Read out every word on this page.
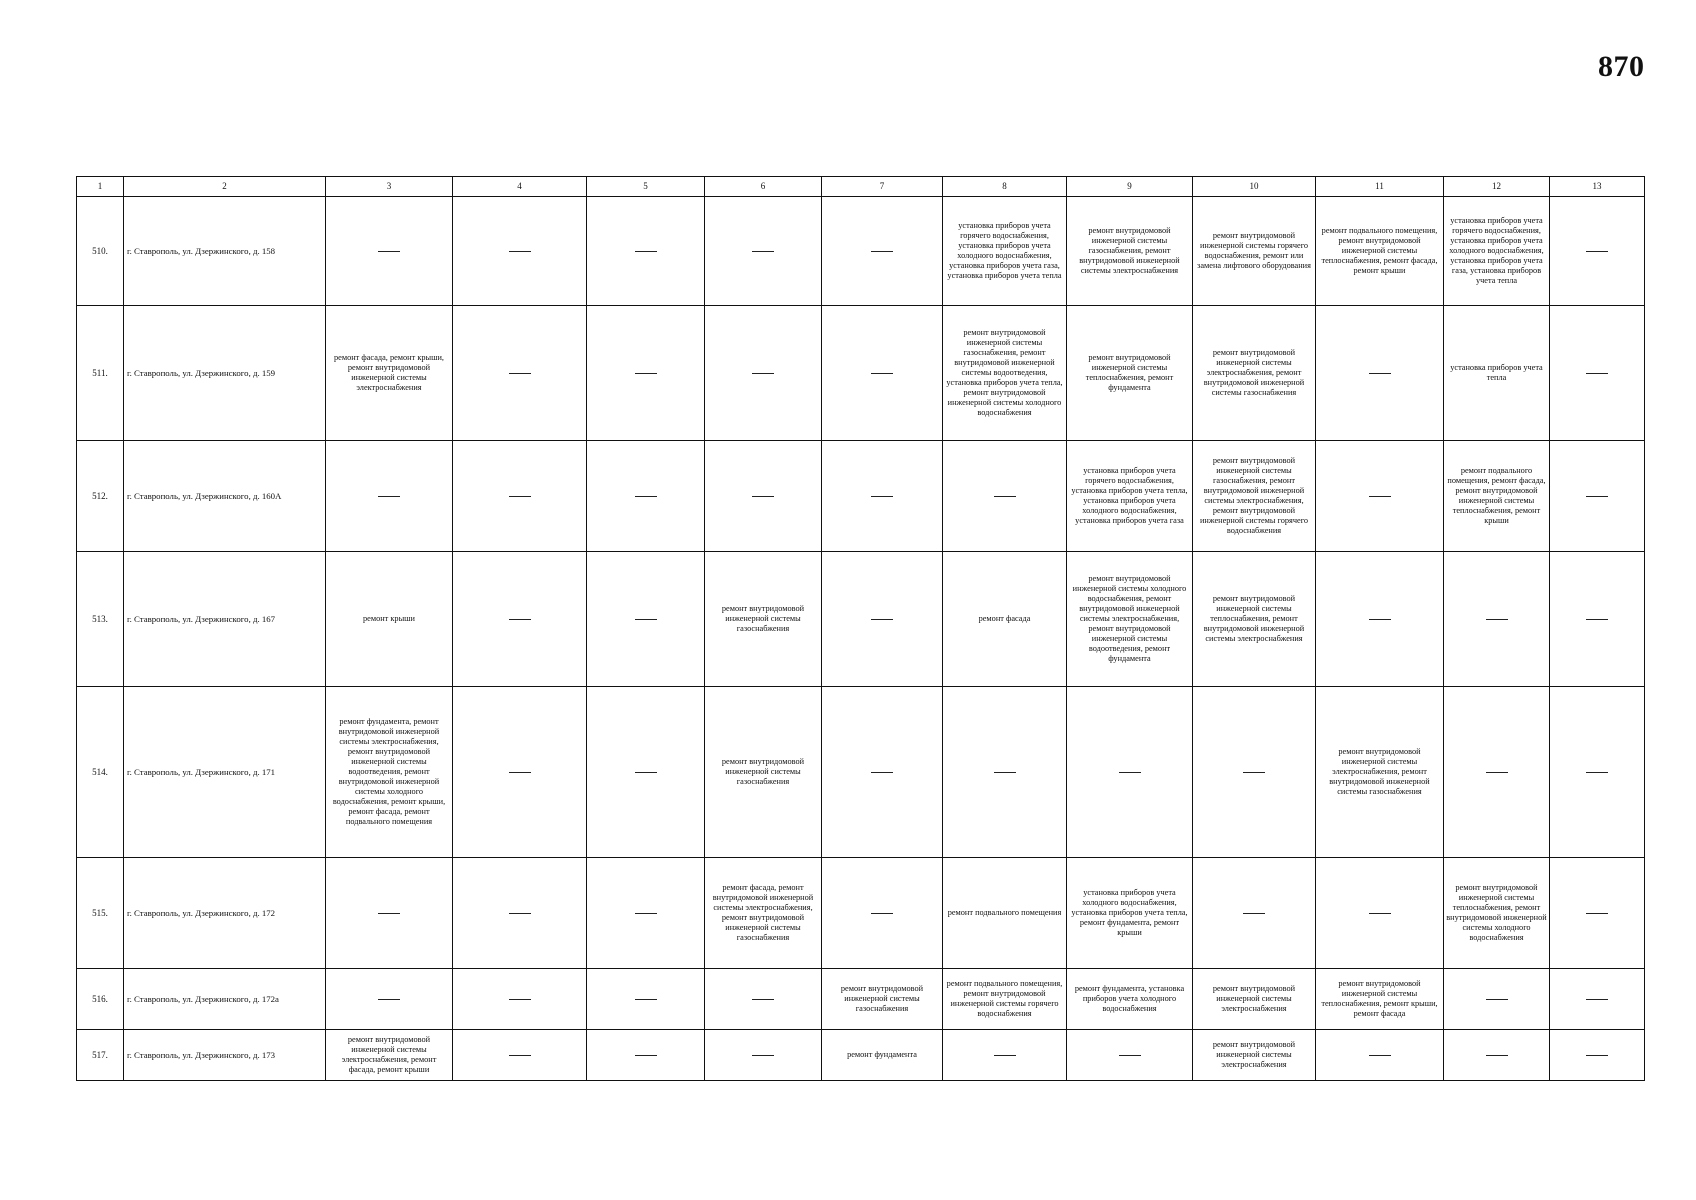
870
1	2	3	4	5	6	7	8	9	10	11	12	13
510.	г. Ставрополь, ул. Дзержинского, д. 158						установка приборов учета горячего водоснабжения, установка приборов учета холодного водоснабжения, установка приборов учета газа, установка приборов учета тепла	ремонт внутридомовой инженерной системы газоснабжения, ремонт внутридомовой инженерной системы электроснабжения	ремонт внутридомовой инженерной системы горячего водоснабжения, ремонт или замена лифтового оборудования	ремонт подвального помещения, ремонт внутридомовой инженерной системы теплоснабжения, ремонт фасада, ремонт крыши	установка приборов учета горячего водоснабжения, установка приборов учета холодного водоснабжения, установка приборов учета газа, установка приборов учета тепла	
511.	г. Ставрополь, ул. Дзержинского, д. 159	ремонт фасада, ремонт крыши, ремонт внутридомовой инженерной системы электроснабжения					ремонт внутридомовой инженерной системы газоснабжения, ремонт внутридомовой инженерной системы водоотведения, установка приборов учета тепла, ремонт внутридомовой инженерной системы холодного водоснабжения	ремонт внутридомовой инженерной системы теплоснабжения, ремонт фундамента	ремонт внутридомовой инженерной системы электроснабжения, ремонт внутридомовой инженерной системы газоснабжения		установка приборов учета тепла	
512.	г. Ставрополь, ул. Дзержинского, д. 160А							установка приборов учета горячего водоснабжения, установка приборов учета тепла, установка приборов учета холодного водоснабжения, установка приборов учета газа	ремонт внутридомовой инженерной системы газоснабжения, ремонт внутридомовой инженерной системы электроснабжения, ремонт внутридомовой инженерной системы горячего водоснабжения		ремонт подвального помещения, ремонт фасада, ремонт внутридомовой инженерной системы теплоснабжения, ремонт крыши	
513.	г. Ставрополь, ул. Дзержинского, д. 167	ремонт крыши			ремонт внутридомовой инженерной системы газоснабжения		ремонт фасада	ремонт внутридомовой инженерной системы холодного водоснабжения, ремонт внутридомовой инженерной системы электроснабжения, ремонт внутридомовой инженерной системы водоотведения, ремонт фундамента	ремонт внутридомовой инженерной системы теплоснабжения, ремонт внутридомовой инженерной системы электроснабжения			
514.	г. Ставрополь, ул. Дзержинского, д. 171	ремонт фундамента, ремонт внутридомовой инженерной системы электроснабжения, ремонт внутридомовой инженерной системы водоотведения, ремонт внутридомовой инженерной системы холодного водоснабжения, ремонт крыши, ремонт фасада, ремонт подвального помещения			ремонт внутридомовой инженерной системы газоснабжения					ремонт внутридомовой инженерной системы электроснабжения, ремонт внутридомовой инженерной системы газоснабжения		
515.	г. Ставрополь, ул. Дзержинского, д. 172				ремонт фасада, ремонт внутридомовой инженерной системы электроснабжения, ремонт внутридомовой инженерной системы газоснабжения		ремонт подвального помещения	установка приборов учета холодного водоснабжения, установка приборов учета тепла, ремонт фундамента, ремонт крыши			ремонт внутридомовой инженерной системы теплоснабжения, ремонт внутридомовой инженерной системы холодного водоснабжения	
516.	г. Ставрополь, ул. Дзержинского, д. 172а					ремонт внутридомовой инженерной системы газоснабжения	ремонт подвального помещения, ремонт внутридомовой инженерной системы горячего водоснабжения	ремонт фундамента, установка приборов учета холодного водоснабжения	ремонт внутридомовой инженерной системы электроснабжения	ремонт внутридомовой инженерной системы теплоснабжения, ремонт крыши, ремонт фасада		
517.	г. Ставрополь, ул. Дзержинского, д. 173	ремонт внутридомовой инженерной системы электроснабжения, ремонт фасада, ремонт крыши				ремонт фундамента			ремонт внутридомовой инженерной системы электроснабжения			
